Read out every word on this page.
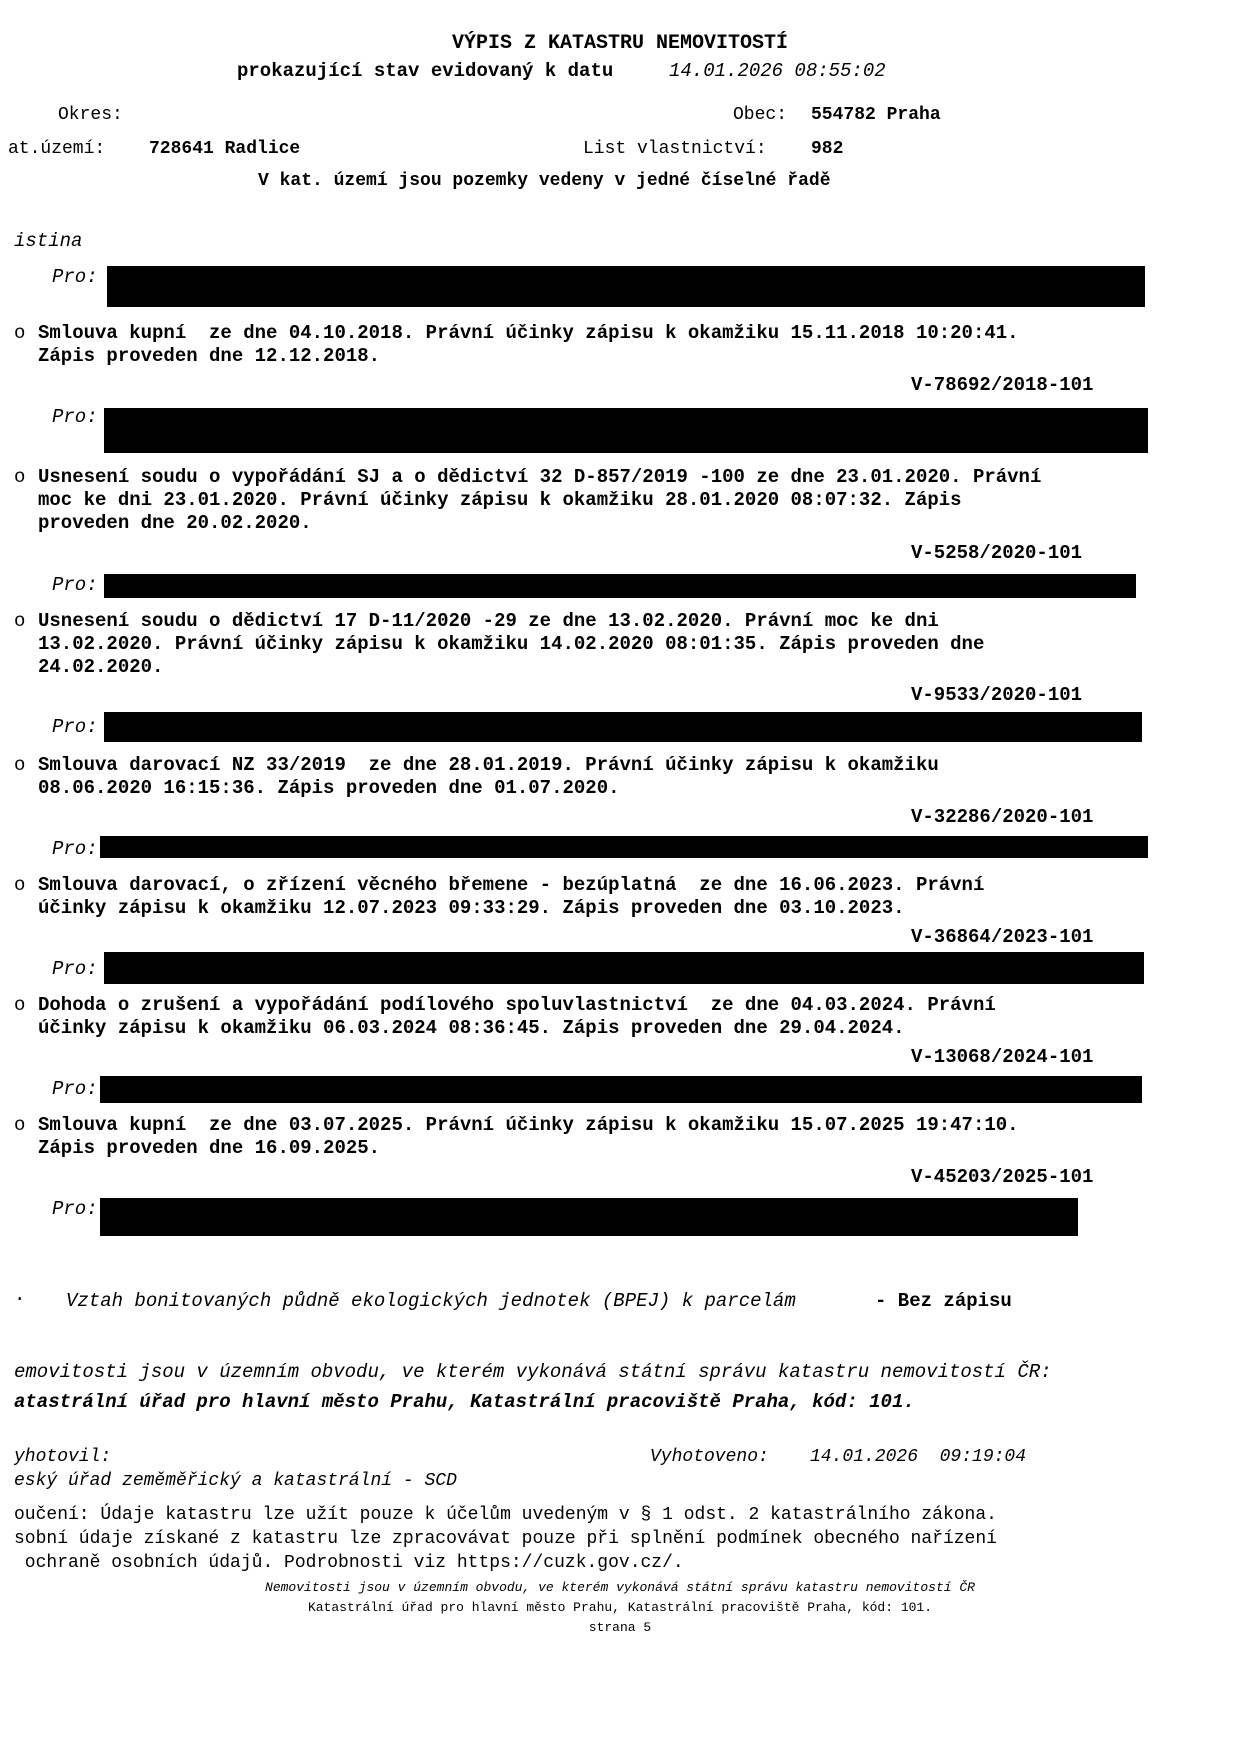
VÝPIS Z KATASTRU NEMOVITOSTÍ
prokazující stav evidovaný k datu	14.01.2026 08:55:02
Okres:	Obec: 554782 Praha
at.území: 728641 Radlice	List vlastnictví: 982
V kat. území jsou pozemky vedeny v jedné číselné řadě
istina
Pro:
o Smlouva kupní  ze dne 04.10.2018. Právní účinky zápisu k okamžiku 15.11.2018 10:20:41.
Zápis proveden dne 12.12.2018.
V-78692/2018-101
Pro:
o Usnesení soudu o vypořádání SJ a o dědictví 32 D-857/2019 -100 ze dne 23.01.2020. Právní
moc ke dni 23.01.2020. Právní účinky zápisu k okamžiku 28.01.2020 08:07:32. Zápis
proveden dne 20.02.2020.
V-5258/2020-101
Pro:
o Usnesení soudu o dědictví 17 D-11/2020 -29 ze dne 13.02.2020. Právní moc ke dni
13.02.2020. Právní účinky zápisu k okamžiku 14.02.2020 08:01:35. Zápis proveden dne
24.02.2020.
V-9533/2020-101
Pro:
o Smlouva darovací NZ 33/2019  ze dne 28.01.2019. Právní účinky zápisu k okamžiku
08.06.2020 16:15:36. Zápis proveden dne 01.07.2020.
V-32286/2020-101
Pro:
o Smlouva darovací, o zřízení věcného břemene - bezúplatná  ze dne 16.06.2023. Právní
účinky zápisu k okamžiku 12.07.2023 09:33:29. Zápis proveden dne 03.10.2023.
V-36864/2023-101
Pro:
o Dohoda o zrušení a vypořádání podílového spoluvlastnictví  ze dne 04.03.2024. Právní
účinky zápisu k okamžiku 06.03.2024 08:36:45. Zápis proveden dne 29.04.2024.
V-13068/2024-101
Pro:
o Smlouva kupní  ze dne 03.07.2025. Právní účinky zápisu k okamžiku 15.07.2025 19:47:10.
Zápis proveden dne 16.09.2025.
V-45203/2025-101
Pro:
· Vztah bonitovaných půdně ekologických jednotek (BPEJ) k parcelám	- Bez zápisu
emovitosti jsou v územním obvodu, ve kterém vykonává státní správu katastru nemovitostí ČR:
atastrální úřad pro hlavní město Prahu, Katastrální pracoviště Praha, kód: 101.
yhotovil:	Vyhotoveno: 14.01.2026  09:19:04
eský úřad zeměměřický a katastrální - SCD
oučení: Údaje katastru lze užít pouze k účelům uvedeným v § 1 odst. 2 katastrálního zákona.
sobní údaje získané z katastru lze zpracovávat pouze při splnění podmínek obecného nařízení
ochraně osobních údajů. Podrobnosti viz https://cuzk.gov.cz/.
Nemovitosti jsou v územním obvodu, ve kterém vykonává státní správu katastru nemovitostí ČR
Katastrální úřad pro hlavní město Prahu, Katastrální pracoviště Praha, kód: 101.
strana 5
